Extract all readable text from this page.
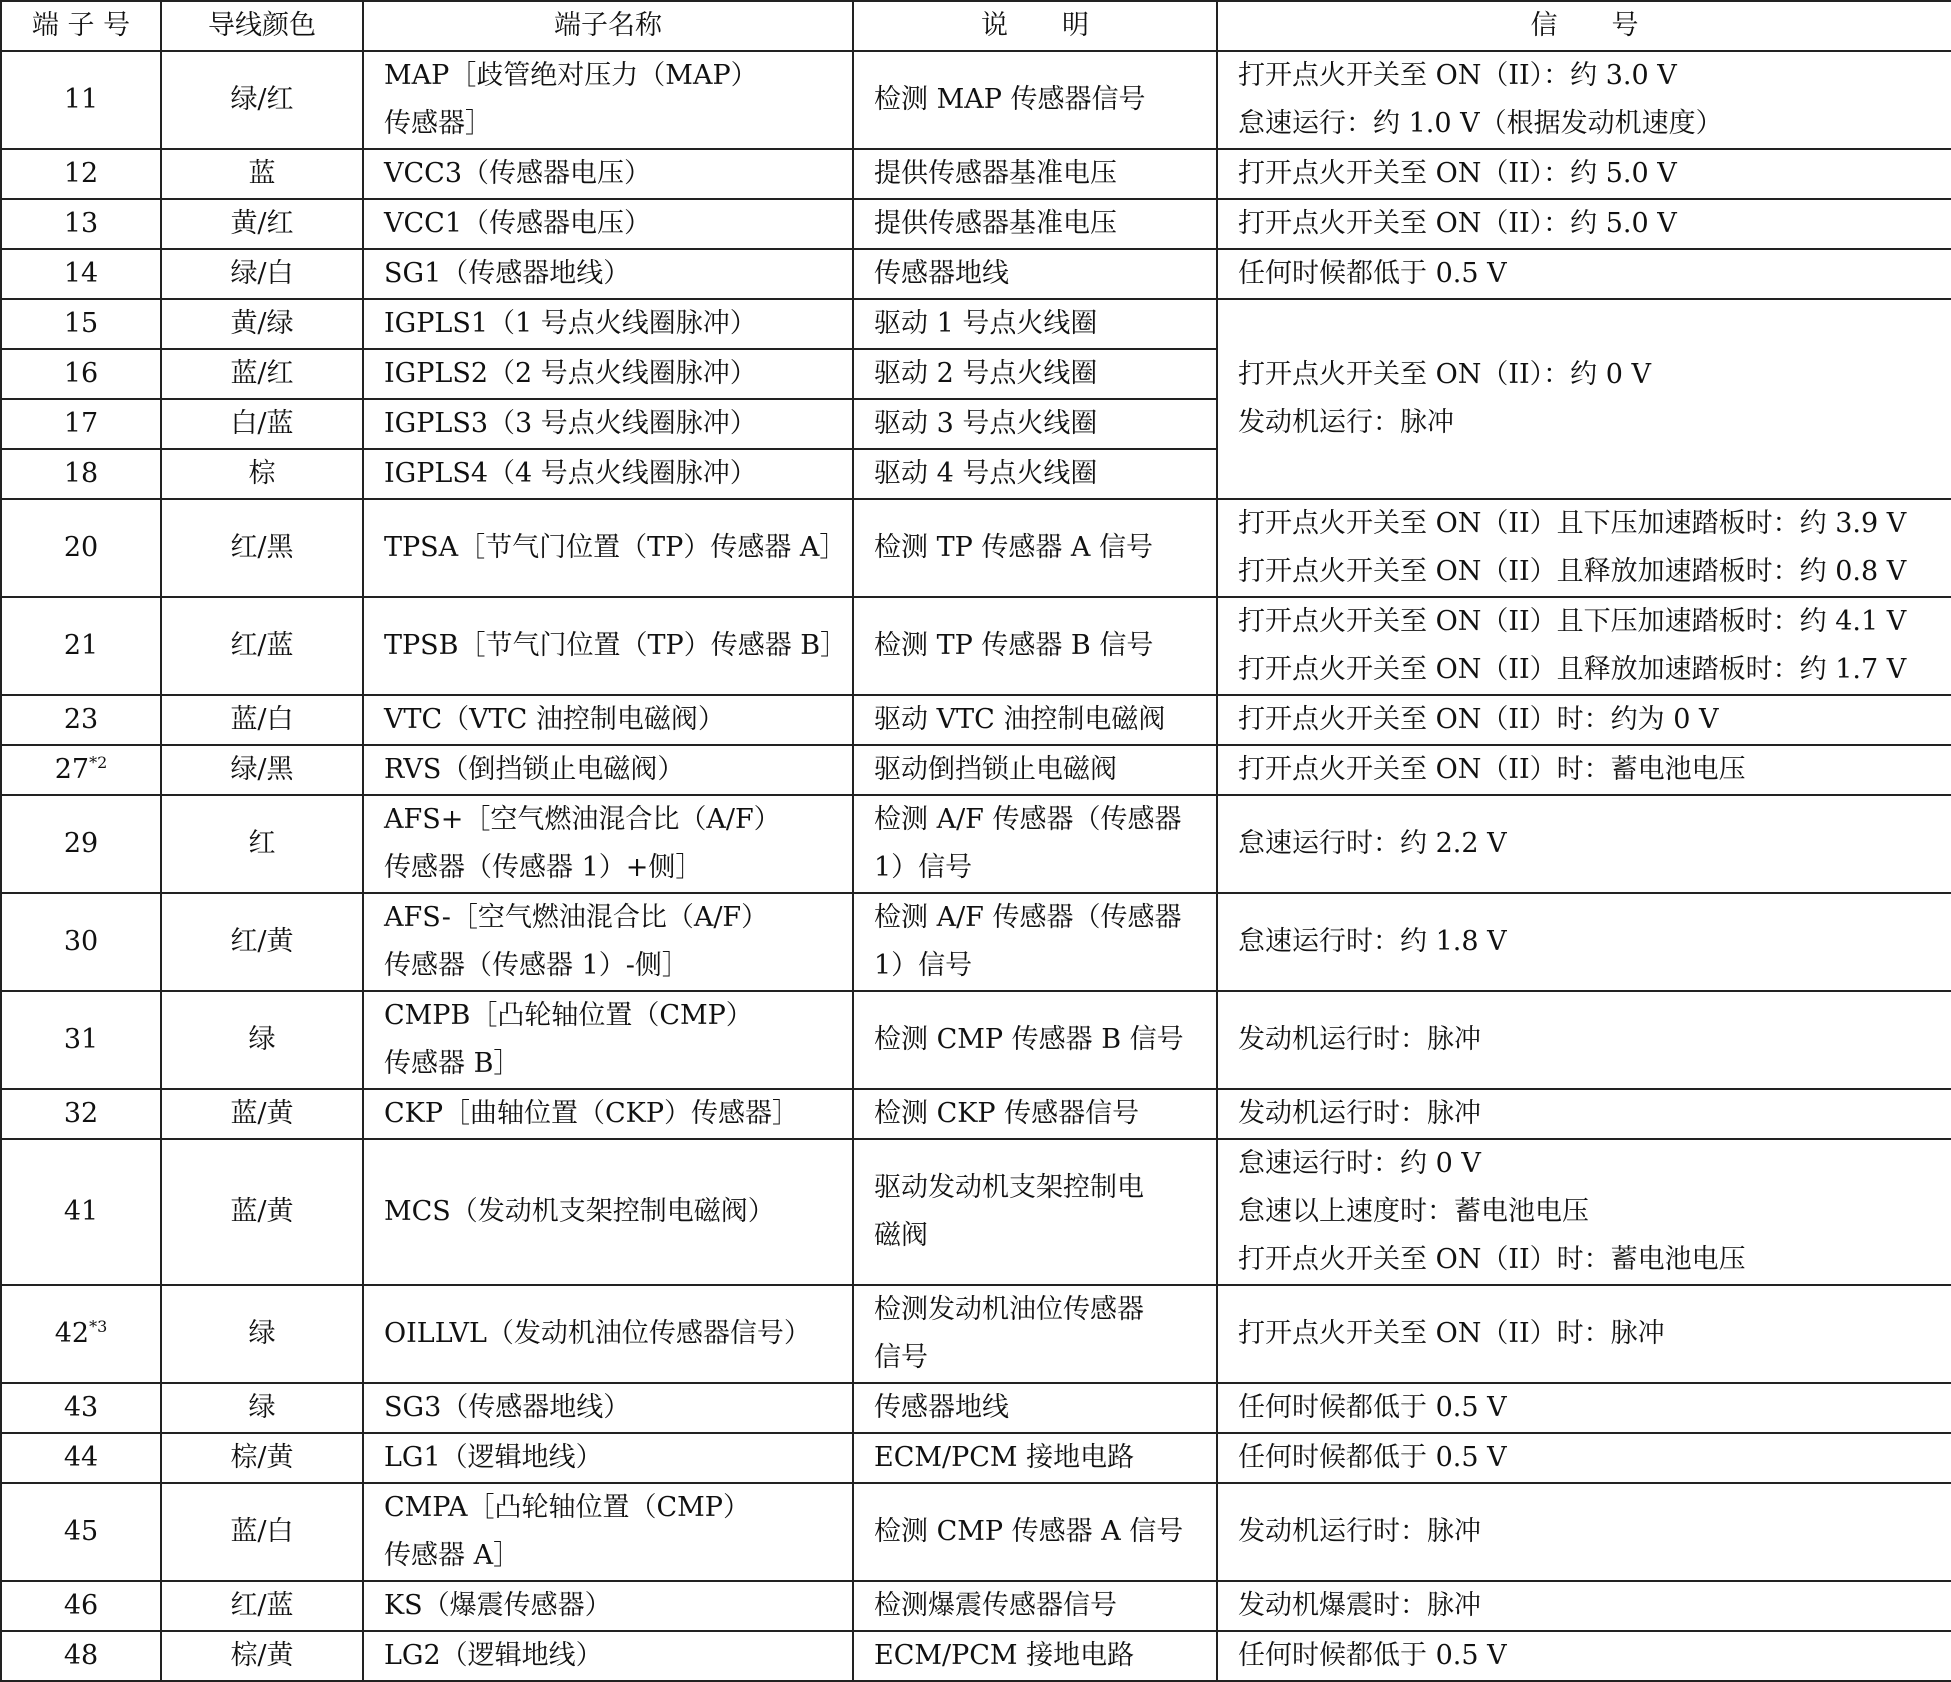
端 子 号	导线颜色	端子名称	说　　明	信　　号
11	绿/红	MAP［歧管绝对压力（MAP）
传感器］	检测 MAP 传感器信号	打开点火开关至 ON（II）：约 3.0 V
怠速运行：约 1.0 V（根据发动机速度）

12	蓝	VCC3（传感器电压）	提供传感器基准电压	打开点火开关至 ON（II）：约 5.0 V

13	黄/红	VCC1（传感器电压）	提供传感器基准电压	打开点火开关至 ON（II）：约 5.0 V

14	绿/白	SG1（传感器地线）	传感器地线	任何时候都低于 0.5 V

15	黄/绿	IGPLS1（1 号点火线圈脉冲）	驱动 1 号点火线圈	打开点火开关至 ON（II）：约 0 V
发动机运行：脉冲

16	蓝/红	IGPLS2（2 号点火线圈脉冲）	驱动 2 号点火线圈	

17	白/蓝	IGPLS3（3 号点火线圈脉冲）	驱动 3 号点火线圈	

18	棕	IGPLS4（4 号点火线圈脉冲）	驱动 4 号点火线圈	

20	红/黑	TPSA［节气门位置（TP）传感器 A］	检测 TP 传感器 A 信号	打开点火开关至 ON（II）且下压加速踏板时：约 3.9 V
打开点火开关至 ON（II）且释放加速踏板时：约 0.8 V

21	红/蓝	TPSB［节气门位置（TP）传感器 B］	检测 TP 传感器 B 信号	打开点火开关至 ON（II）且下压加速踏板时：约 4.1 V
打开点火开关至 ON（II）且释放加速踏板时：约 1.7 V

23	蓝/白	VTC（VTC 油控制电磁阀）	驱动 VTC 油控制电磁阀	打开点火开关至 ON（II）时：约为 0 V

27$^{*2}$	绿/黑	RVS（倒挡锁止电磁阀）	驱动倒挡锁止电磁阀	打开点火开关至 ON（II）时：蓄电池电压

29	红	AFS+［空气燃油混合比（A/F）
传感器（传感器 1）+侧］	检测 A/F 传感器（传感器
1）信号	怠速运行时：约 2.2 V

30	红/黄	AFS-［空气燃油混合比（A/F）
传感器（传感器 1）-侧］	检测 A/F 传感器（传感器
1）信号	怠速运行时：约 1.8 V

31	绿	CMPB［凸轮轴位置（CMP）
传感器 B］	检测 CMP 传感器 B 信号	发动机运行时：脉冲

32	蓝/黄	CKP［曲轴位置（CKP）传感器］	检测 CKP 传感器信号	发动机运行时：脉冲

41	蓝/黄	MCS（发动机支架控制电磁阀）	驱动发动机支架控制电
磁阀	怠速运行时：约 0 V
怠速以上速度时：蓄电池电压
打开点火开关至 ON（II）时：蓄电池电压

42$^{*3}$	绿	OILLVL（发动机油位传感器信号）	检测发动机油位传感器
信号	打开点火开关至 ON（II）时：脉冲

43	绿	SG3（传感器地线）	传感器地线	任何时候都低于 0.5 V

44	棕/黄	LG1（逻辑地线）	ECM/PCM 接地电路	任何时候都低于 0.5 V

45	蓝/白	CMPA［凸轮轴位置（CMP）
传感器 A］	检测 CMP 传感器 A 信号	发动机运行时：脉冲

46	红/蓝	KS（爆震传感器）	检测爆震传感器信号	发动机爆震时：脉冲

48	棕/黄	LG2（逻辑地线）	ECM/PCM 接地电路	任何时候都低于 0.5 V
